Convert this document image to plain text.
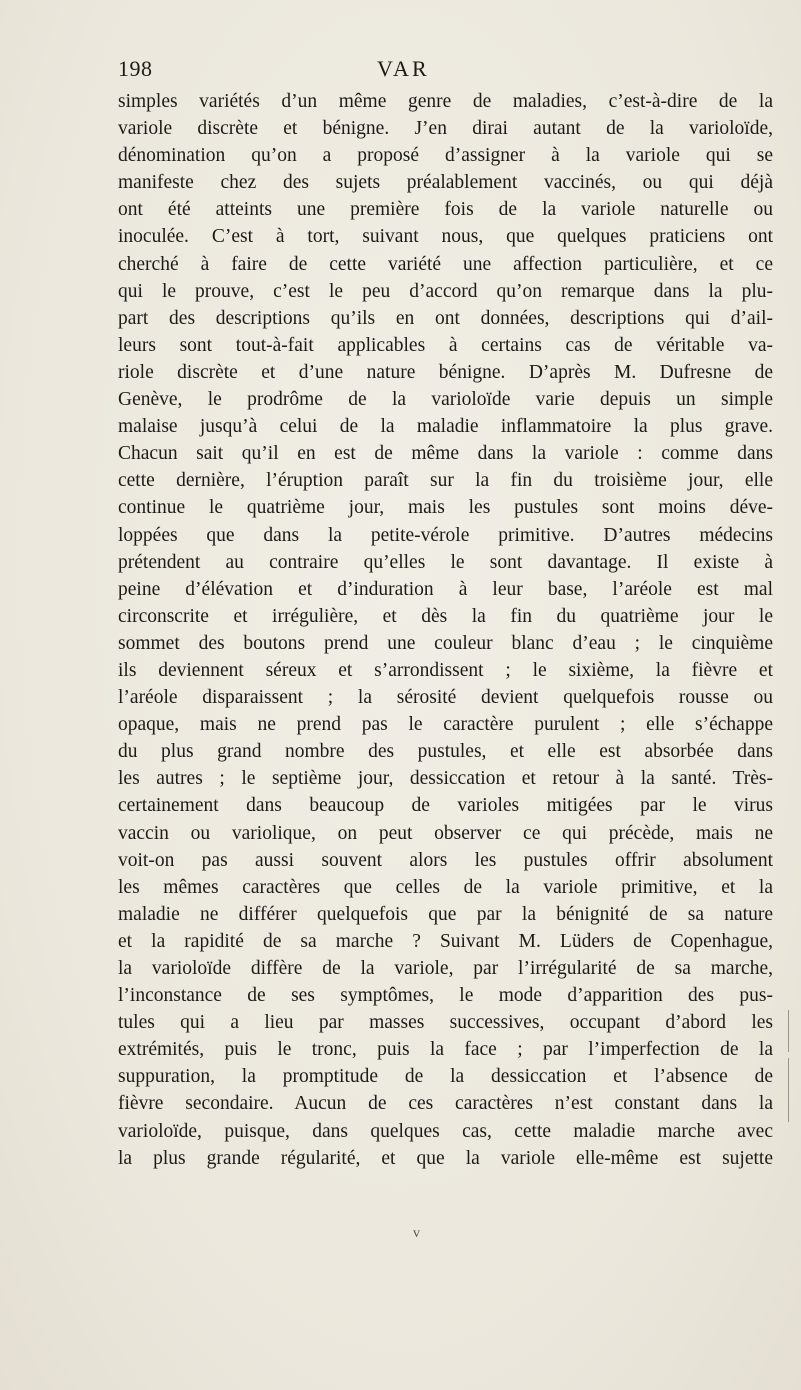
198	VAR
simples variétés d’un même genre de maladies, c’est-à-dire de la
variole discrète et bénigne. J’en dirai autant de la varioloïde,
dénomination qu’on a proposé d’assigner à la variole qui se
manifeste chez des sujets préalablement vaccinés, ou qui déjà
ont été atteints une première fois de la variole naturelle ou
inoculée. C’est à tort, suivant nous, que quelques praticiens ont
cherché à faire de cette variété une affection particulière, et ce
qui le prouve, c’est le peu d’accord qu’on remarque dans la plu-
part des descriptions qu’ils en ont données, descriptions qui d’ail-
leurs sont tout-à-fait applicables à certains cas de véritable va-
riole discrète et d’une nature bénigne. D’après M. Dufresne de
Genève, le prodrôme de la varioloïde varie depuis un simple
malaise jusqu’à celui de la maladie inflammatoire la plus grave.
Chacun sait qu’il en est de même dans la variole : comme dans
cette dernière, l’éruption paraît sur la fin du troisième jour, elle
continue le quatrième jour, mais les pustules sont moins déve-
loppées que dans la petite-vérole primitive. D’autres médecins
prétendent au contraire qu’elles le sont davantage. Il existe à
peine d’élévation et d’induration à leur base, l’aréole est mal
circonscrite et irrégulière, et dès la fin du quatrième jour le
sommet des boutons prend une couleur blanc d’eau ; le cinquième
ils deviennent séreux et s’arrondissent ; le sixième, la fièvre et
l’aréole disparaissent ; la sérosité devient quelquefois rousse ou
opaque, mais ne prend pas le caractère purulent ; elle s’échappe
du plus grand nombre des pustules, et elle est absorbée dans
les autres ; le septième jour, dessiccation et retour à la santé. Très-
certainement dans beaucoup de varioles mitigées par le virus
vaccin ou variolique, on peut observer ce qui précède, mais ne
voit-on pas aussi souvent alors les pustules offrir absolument
les mêmes caractères que celles de la variole primitive, et la
maladie ne différer quelquefois que par la bénignité de sa nature
et la rapidité de sa marche ? Suivant M. Lüders de Copenhague,
la varioloïde diffère de la variole, par l’irrégularité de sa marche,
l’inconstance de ses symptômes, le mode d’apparition des pus-
tules qui a lieu par masses successives, occupant d’abord les
extrémités, puis le tronc, puis la face ; par l’imperfection de la
suppuration, la promptitude de la dessiccation et l’absence de
fièvre secondaire. Aucun de ces caractères n’est constant dans la
varioloïde, puisque, dans quelques cas, cette maladie marche avec
la plus grande régularité, et que la variole elle-même est sujette
v
